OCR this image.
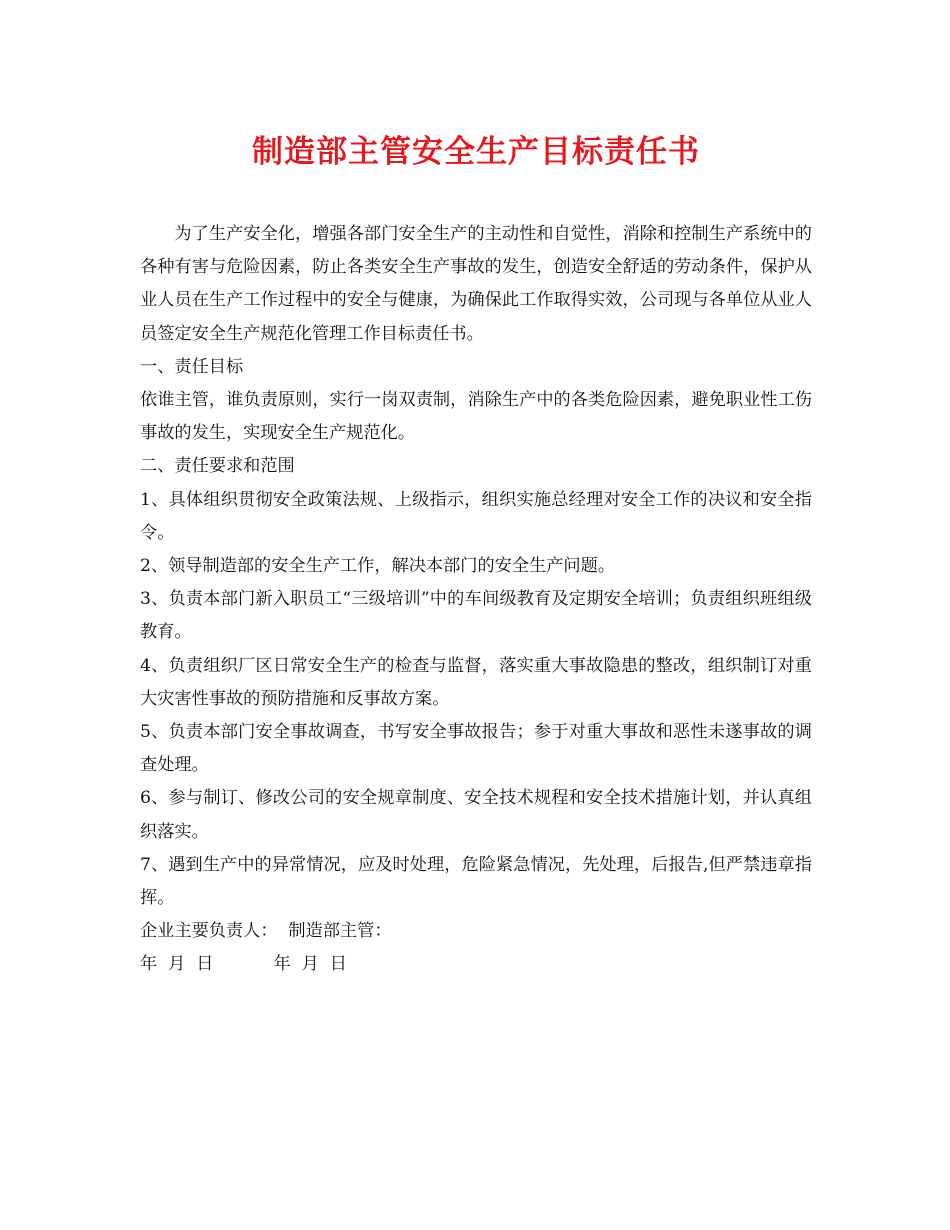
制造部主管安全生产目标责任书

为了生产安全化，增强各部门安全生产的主动性和自觉性，消除和控制生产系统中的各种有害与危险因素，防止各类安全生产事故的发生，创造安全舒适的劳动条件，保护从业人员在生产工作过程中的安全与健康，为确保此工作取得实效，公司现与各单位从业人员签定安全生产规范化管理工作目标责任书。

一、责任目标

依谁主管，谁负责原则，实行一岗双责制，消除生产中的各类危险因素，避免职业性工伤事故的发生，实现安全生产规范化。

二、责任要求和范围

1、具体组织贯彻安全政策法规、上级指示，组织实施总经理对安全工作的决议和安全指令。

2、领导制造部的安全生产工作，解决本部门的安全生产问题。

3、负责本部门新入职员工“三级培训”中的车间级教育及定期安全培训；负责组织班组级教育。

4、负责组织厂区日常安全生产的检查与监督，落实重大事故隐患的整改，组织制订对重大灾害性事故的预防措施和反事故方案。

5、负责本部门安全事故调查，书写安全事故报告；参于对重大事故和恶性未遂事故的调查处理。

6、参与制订、修改公司的安全规章制度、安全技术规程和安全技术措施计划，并认真组织落实。

7、遇到生产中的异常情况，应及时处理，危险紧急情况，先处理，后报告,但严禁违章指挥。

企业主要负责人：  制造部主管：

年  月  日           年  月  日
